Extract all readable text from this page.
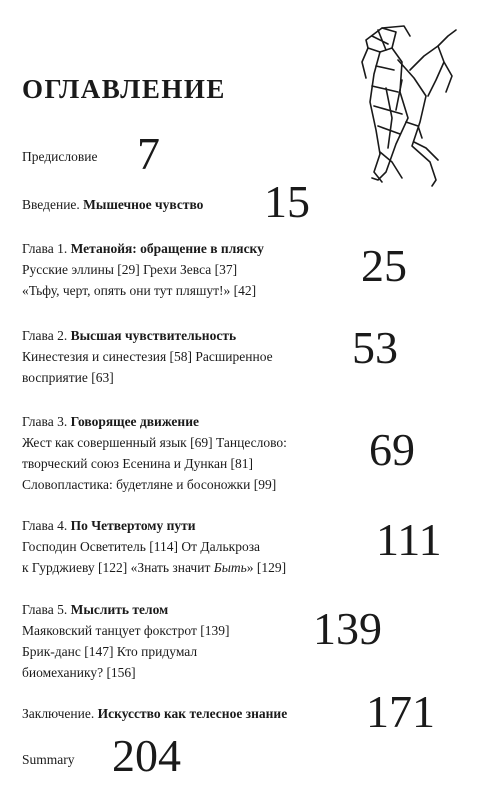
ОГЛАВЛЕНИЕ
Предисловие 7
Введение. Мышечное чувство 15
Глава 1. Метанойя: обращение в пляску
Русские эллины [29] Грехи Зевса [37]
«Тьфу, черт, опять они тут пляшут!» [42] 25
Глава 2. Высшая чувствительность
Кинестезия и синестезия [58] Расширенное
восприятие [63]
53
Глава 3. Говорящее движение
Жест как совершенный язык [69] Танцеслово:
творческий союз Есенина и Дункан [81]
Словопластика: будетляне и босоножки [99]
69
Глава 4. По Четвертому пути
Господин Осветитель [114] От Далькроза
к Гурджиеву [122] «Знать значит Быть» [129]
111
Глава 5. Мыслить телом
Маяковский танцует фокстрот [139]
Брик-данс [147] Кто придумал
биомеханику? [156]
139
Заключение. Искусство как телесное знание 171
Summary 204
